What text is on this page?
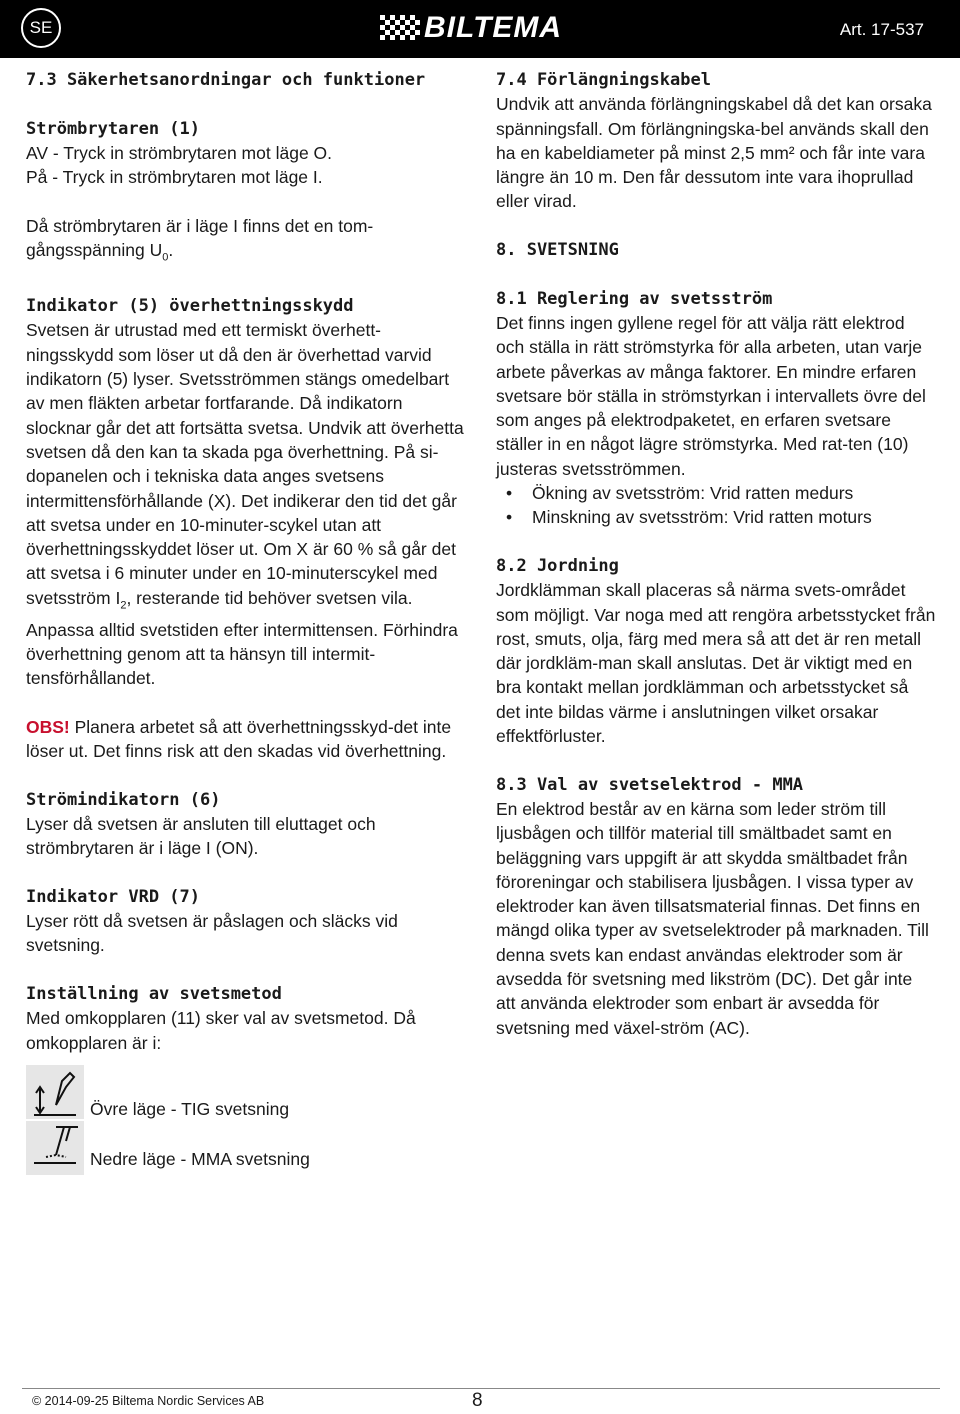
SE	BILTEMA	Art. 17-537

7.3 Säkerhetsanordningar och funktioner

Strömbrytaren (1)

AV - Tryck in strömbrytaren mot läge O.

På - Tryck in strömbrytaren mot läge I.

Då strömbrytaren är i läge I finns det en tom-

gångsspänning $U_0$.

Indikator (5) överhettningsskydd

Svetsen är utrustad med ett termiskt överhett-ningsskydd som löser ut då den är överhettad varvid indikatorn (5) lyser. Svetsströmmen stängs omedelbart av men fläkten arbetar fortfarande. Då indikatorn slocknar går det att fortsätta svetsa. Undvik att överhetta svetsen då den kan ta skada pga överhettning. På si-dopanelen och i tekniska data anges svetsens intermittensförhållande (X). Det indikerar den tid det går att svetsa under en 10-minuter-scykel utan att överhettningsskyddet löser ut. Om X är 60 % så går det att svetsa i 6 minuter under en 10-minuterscykel med svetsström $I_2$, resterande tid behöver svetsen vila. Anpassa alltid svetstiden efter intermittensen. Förhindra överhettning genom att ta hänsyn till intermit-tensförhållandet.

OBS! Planera arbetet så att överhettningsskyd-det inte löser ut. Det finns risk att den skadas vid överhettning.

Strömindikatorn (6)

Lyser då svetsen är ansluten till eluttaget och strömbrytaren är i läge I (ON).

Indikator VRD (7)

Lyser rött då svetsen är påslagen och släcks vid svetsning.

Inställning av svetsmetod

Med omkopplaren (11) sker val av svetsmetod. Då omkopplaren är i:

Övre läge - TIG svetsning
Nedre läge - MMA svetsning

7.4 Förlängningskabel

Undvik att använda förlängningskabel då det kan orsaka spänningsfall. Om förlängningska-bel används skall den ha en kabeldiameter på minst 2,5 mm² och får inte vara längre än 10 m. Den får dessutom inte vara ihoprullad eller virad.

8. SVETSNING

8.1 Reglering av svetsström

Det finns ingen gyllene regel för att välja rätt elektrod och ställa in rätt strömstyrka för alla arbeten, utan varje arbete påverkas av många faktorer. En mindre erfaren svetsare bör ställa in strömstyrkan i intervallets övre del som anges på elektrodpaketet, en erfaren svetsare ställer in en något lägre strömstyrka. Med rat-ten (10) justeras svetsströmmen.

• Ökning av svetsström: Vrid ratten medurs
• Minskning av svetsström: Vrid ratten moturs

8.2 Jordning

Jordklämman skall placeras så närma svets-området som möjligt. Var noga med att rengöra arbetsstycket från rost, smuts, olja, färg med mera så att det är ren metall där jordkläm-man skall anslutas. Det är viktigt med en bra kontakt mellan jordklämman och arbetsstycket så det inte bildas värme i anslutningen vilket orsakar effektförluster.

8.3 Val av svetselektrod - MMA

En elektrod består av en kärna som leder ström till ljusbågen och tillför material till smältbadet samt en beläggning vars uppgift är att skydda smältbadet från föroreningar och stabilisera ljusbågen. I vissa typer av elektroder kan även tillsatsmaterial finnas. Det finns en mängd olika typer av svetselektroder på marknaden. Till denna svets kan endast användas elektroder som är avsedda för svetsning med likström (DC). Det går inte att använda elektroder som enbart är avsedda för svetsning med växel-ström (AC).

© 2014-09-25 Biltema Nordic Services AB	8
